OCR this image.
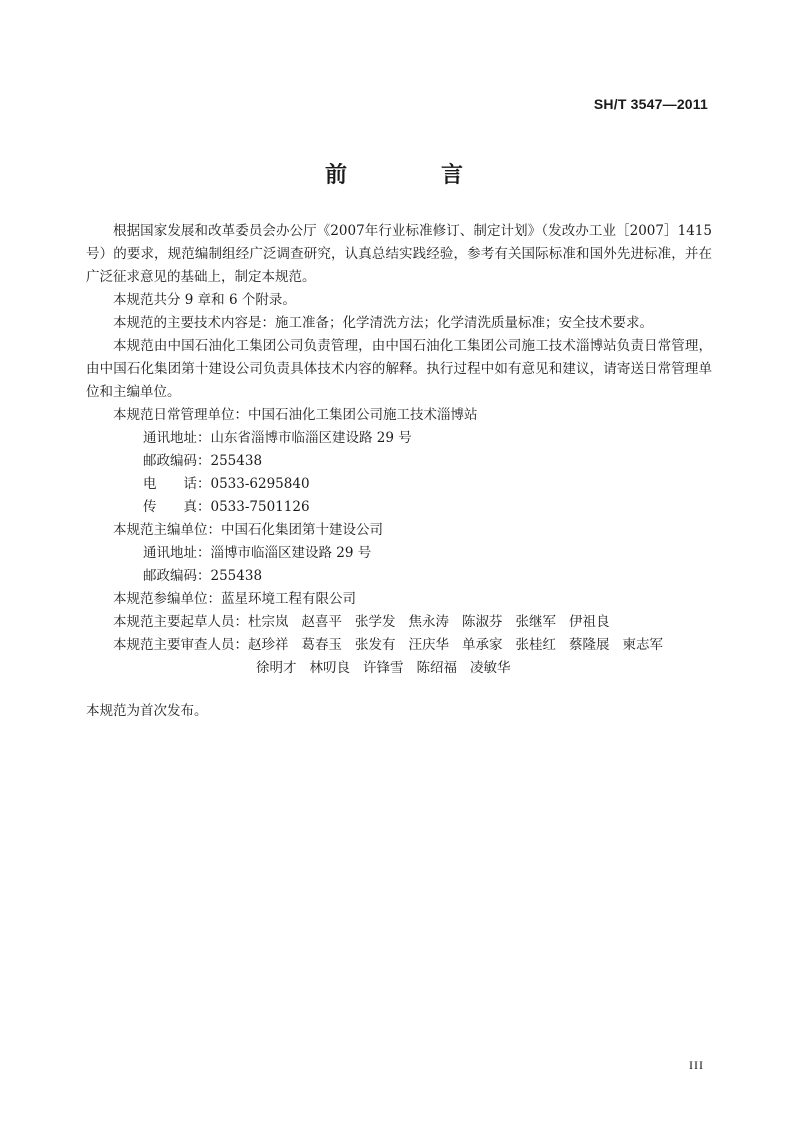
SH/T 3547—2011
前　言

根据国家发展和改革委员会办公厅《2007年行业标准修订、制定计划》（发改办工业［2007］1415 号）的要求，规范编制组经广泛调查研究，认真总结实践经验，参考有关国际标准和国外先进标准，并在广泛征求意见的基础上，制定本规范。

本规范共分 9 章和 6 个附录。

本规范的主要技术内容是：施工准备；化学清洗方法；化学清洗质量标准；安全技术要求。

本规范由中国石油化工集团公司负责管理，由中国石油化工集团公司施工技术淄博站负责日常管理，由中国石化集团第十建设公司负责具体技术内容的解释。执行过程中如有意见和建议，请寄送日常管理单位和主编单位。

本规范日常管理单位：中国石油化工集团公司施工技术淄博站

通讯地址：山东省淄博市临淄区建设路 29 号

邮政编码：255438

电　　话：0533-6295840

传　　真：0533-7501126

本规范主编单位：中国石化集团第十建设公司

通讯地址：淄博市临淄区建设路 29 号

邮政编码：255438

本规范参编单位：蓝星环境工程有限公司

本规范主要起草人员：杜宗岚 赵喜平 张学发 焦永涛 陈淑芬 张继军 伊祖良

本规范主要审查人员：赵珍祥 葛春玉 张发有 汪庆华 单承家 张桂红 蔡隆展 柬志军

徐明才 林叨良 许锋雪 陈绍福 凌敏华

本规范为首次发布。

III
